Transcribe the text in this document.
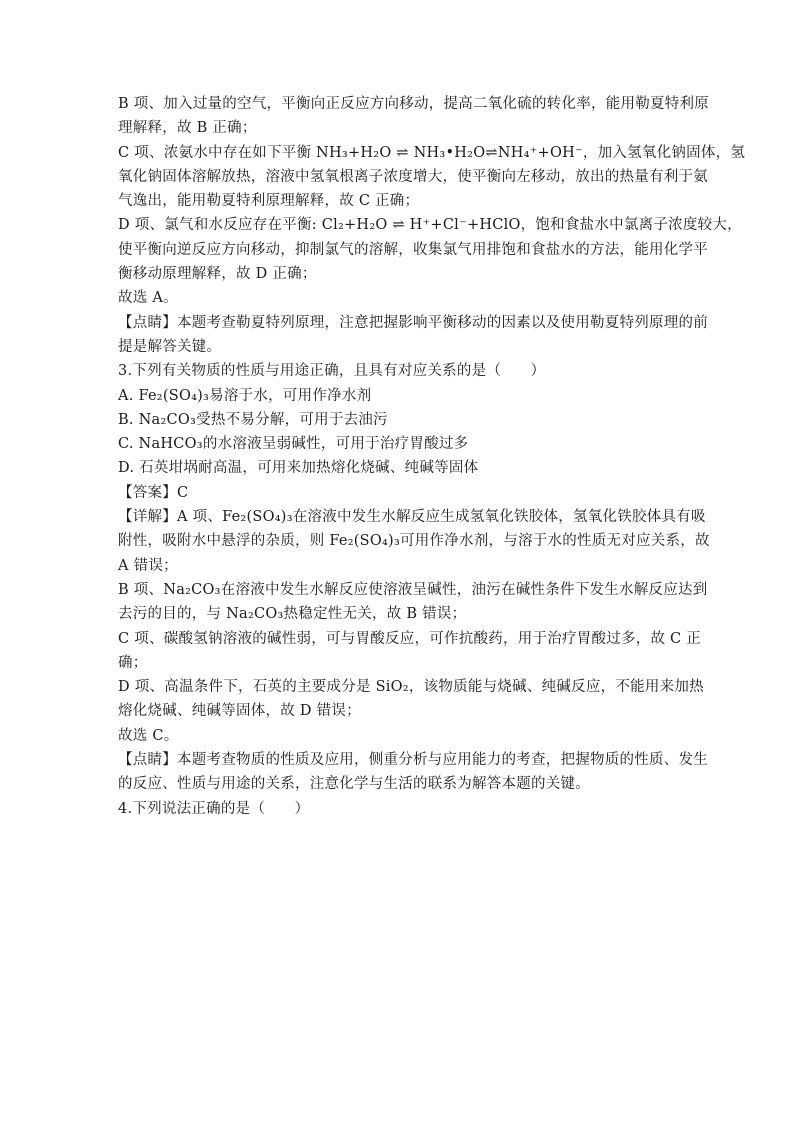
B 项、加入过量的空气，平衡向正反应方向移动，提高二氧化硫的转化率，能用勒夏特利原
理解释，故 B 正确；
C 项、浓氨水中存在如下平衡 NH₃+H₂O ⇌ NH₃•H₂O⇌NH₄⁺+OH⁻，加入氢氧化钠固体，氢
氧化钠固体溶解放热，溶液中氢氧根离子浓度增大，使平衡向左移动，放出的热量有利于氨
气逸出，能用勒夏特利原理解释，故 C 正确；
D 项、氯气和水反应存在平衡: Cl₂+H₂O ⇌ H⁺+Cl⁻+HClO，饱和食盐水中氯离子浓度较大，
使平衡向逆反应方向移动，抑制氯气的溶解，收集氯气用排饱和食盐水的方法，能用化学平
衡移动原理解释，故 D 正确；
故选 A。
【点睛】本题考查勒夏特列原理，注意把握影响平衡移动的因素以及使用勒夏特列原理的前
提是解答关键。
3.下列有关物质的性质与用途正确，且具有对应关系的是（　　）
A. Fe₂(SO₄)₃易溶于水，可用作净水剂
B. Na₂CO₃受热不易分解，可用于去油污
C. NaHCO₃的水溶液呈弱碱性，可用于治疗胃酸过多
D. 石英坩埚耐高温，可用来加热熔化烧碱、纯碱等固体
【答案】C
【详解】A 项、Fe₂(SO₄)₃在溶液中发生水解反应生成氢氧化铁胶体，氢氧化铁胶体具有吸
附性，吸附水中悬浮的杂质，则 Fe₂(SO₄)₃可用作净水剂，与溶于水的性质无对应关系，故
A 错误；
B 项、Na₂CO₃在溶液中发生水解反应使溶液呈碱性，油污在碱性条件下发生水解反应达到
去污的目的，与 Na₂CO₃热稳定性无关，故 B 错误；
C 项、碳酸氢钠溶液的碱性弱，可与胃酸反应，可作抗酸药，用于治疗胃酸过多，故 C 正
确；
D 项、高温条件下，石英的主要成分是 SiO₂，该物质能与烧碱、纯碱反应，不能用来加热
熔化烧碱、纯碱等固体，故 D 错误；
故选 C。
【点睛】本题考查物质的性质及应用，侧重分析与应用能力的考查，把握物质的性质、发生
的反应、性质与用途的关系，注意化学与生活的联系为解答本题的关键。
4.下列说法正确的是（　　）
